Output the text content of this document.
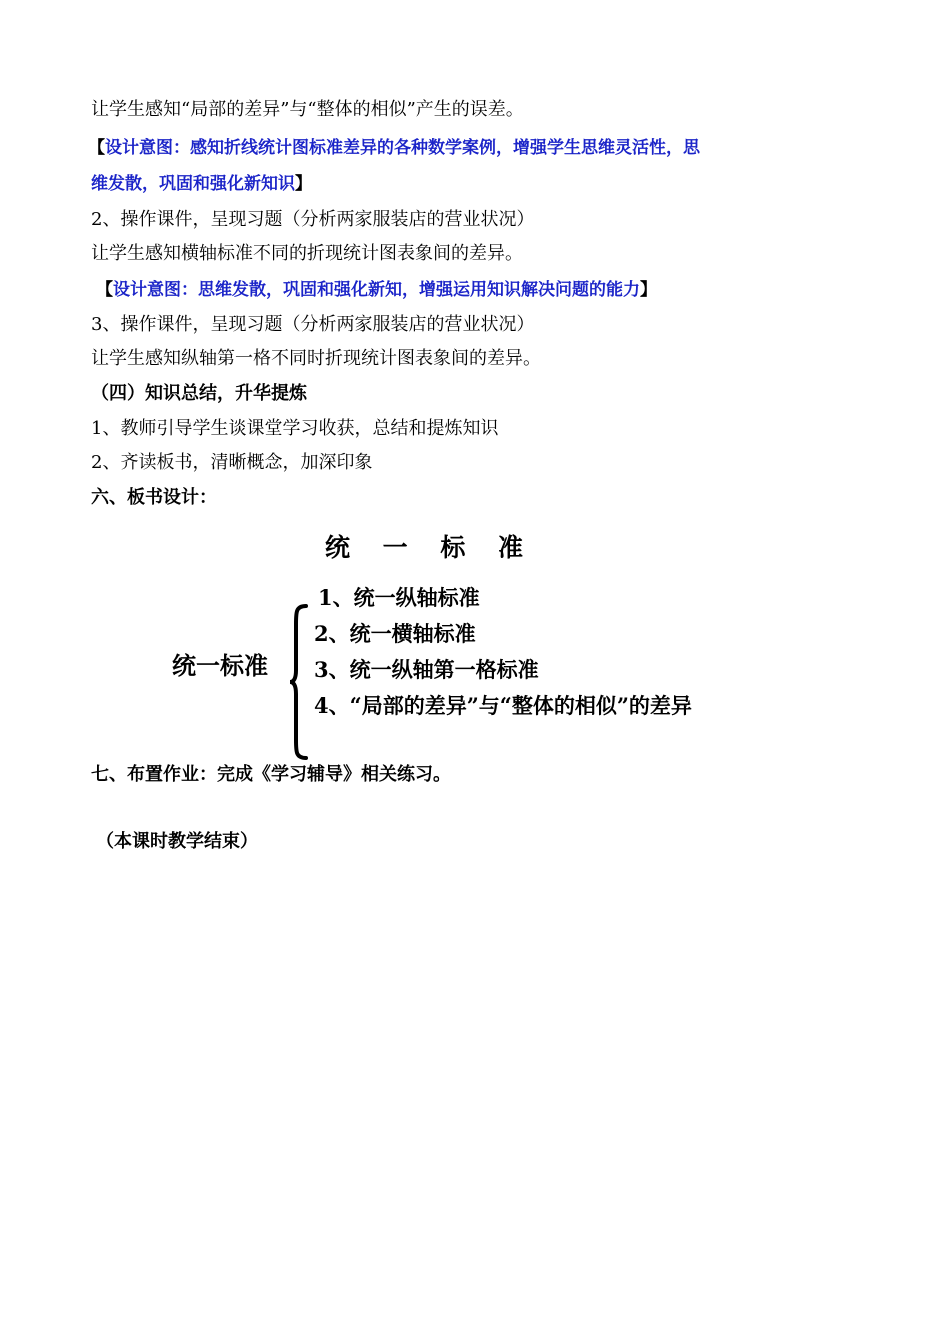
让学生感知“局部的差异”与“整体的相似”产生的误差。
【设计意图：感知折线统计图标准差异的各种数学案例，增强学生思维灵活性，思
维发散，巩固和强化新知识】
2、操作课件，呈现习题（分析两家服装店的营业状况）
让学生感知横轴标准不同的折现统计图表象间的差异。
【设计意图：思维发散，巩固和强化新知，增强运用知识解决问题的能力】
3、操作课件，呈现习题（分析两家服装店的营业状况）
让学生感知纵轴第一格不同时折现统计图表象间的差异。
（四）知识总结，升华提炼
1、教师引导学生谈课堂学习收获，总结和提炼知识
2、齐读板书，清晰概念，加深印象
六、板书设计：
统 一 标 准
统一标准
1、统一纵轴标准
2、统一横轴标准
3、统一纵轴第一格标准
4、“局部的差异”与“整体的相似”的差异
七、布置作业：完成《学习辅导》相关练习。
（本课时教学结束）
